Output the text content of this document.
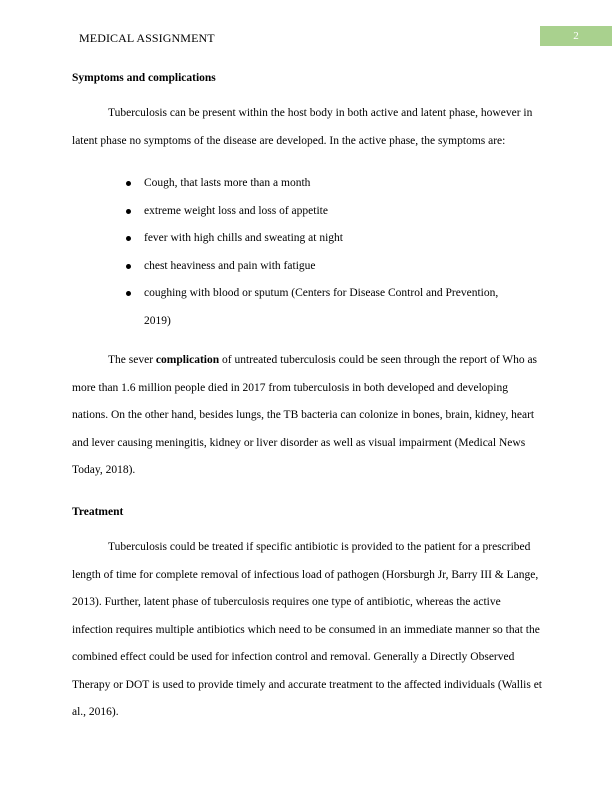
MEDICAL ASSIGNMENT	2
Symptoms and complications

Tuberculosis can be present within the host body in both active and latent phase, however in latent phase no symptoms of the disease are developed. In the active phase, the symptoms are:

Cough, that lasts more than a month
extreme weight loss and loss of appetite
fever with high chills and sweating at night
chest heaviness and pain with fatigue
coughing with blood or sputum (Centers for Disease Control and Prevention, 2019)

The sever complication of untreated tuberculosis could be seen through the report of Who as more than 1.6 million people died in 2017 from tuberculosis in both developed and developing nations. On the other hand, besides lungs, the TB bacteria can colonize in bones, brain, kidney, heart and lever causing meningitis, kidney or liver disorder as well as visual impairment (Medical News Today, 2018).

Treatment

Tuberculosis could be treated if specific antibiotic is provided to the patient for a prescribed length of time for complete removal of infectious load of pathogen (Horsburgh Jr, Barry III & Lange, 2013). Further, latent phase of tuberculosis requires one type of antibiotic, whereas the active infection requires multiple antibiotics which need to be consumed in an immediate manner so that the combined effect could be used for infection control and removal. Generally a Directly Observed Therapy or DOT is used to provide timely and accurate treatment to the affected individuals (Wallis et al., 2016).
